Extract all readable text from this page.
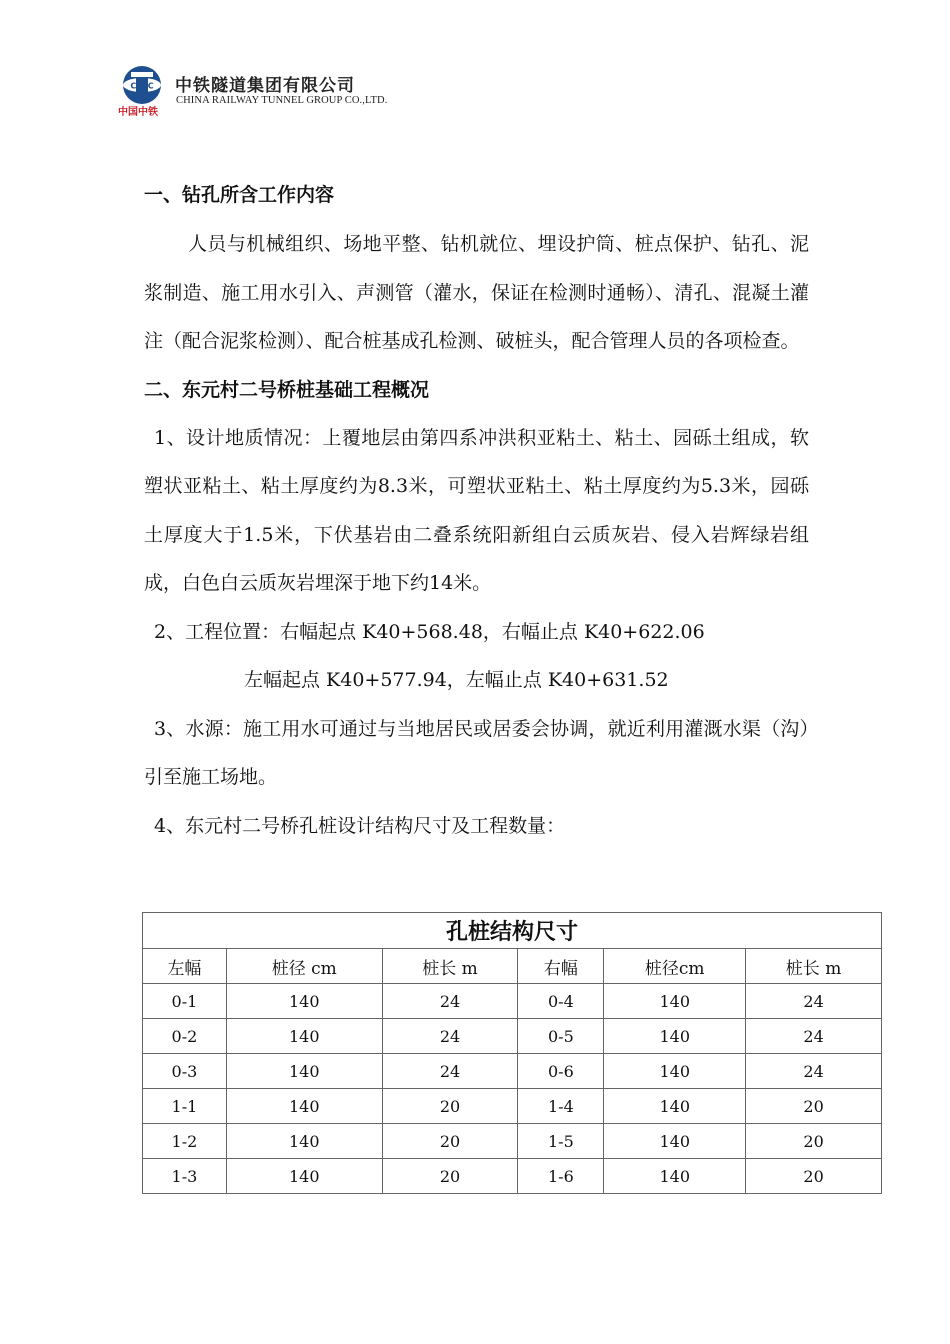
CREC
中国中铁
中铁隧道集团有限公司
CHINA RAILWAY TUNNEL GROUP CO.,LTD.
一、钻孔所含工作内容
人员与机械组织、场地平整、钻机就位、埋设护筒、桩点保护、钻孔、泥浆制造、施工用水引入、声测管（灌水，保证在检测时通畅）、清孔、混凝土灌注（配合泥浆检测）、配合桩基成孔检测、破桩头，配合管理人员的各项检查。
二、东元村二号桥桩基础工程概况
1、设计地质情况：上覆地层由第四系冲洪积亚粘土、粘土、园砾土组成，软塑状亚粘土、粘土厚度约为8.3米，可塑状亚粘土、粘土厚度约为5.3米，园砾土厚度大于1.5米，下伏基岩由二叠系统阳新组白云质灰岩、侵入岩辉绿岩组成，白色白云质灰岩埋深于地下约14米。
2、工程位置：右幅起点 K40+568.48，右幅止点 K40+622.06
左幅起点 K40+577.94，左幅止点 K40+631.52
3、水源：施工用水可通过与当地居民或居委会协调，就近利用灌溉水渠（沟）引至施工场地。
4、东元村二号桥孔桩设计结构尺寸及工程数量：
孔桩结构尺寸					
左幅	桩径 cm	桩长 m	右幅	桩径cm	桩长 m
0-1	140	24	0-4	140	24
0-2	140	24	0-5	140	24
0-3	140	24	0-6	140	24
1-1	140	20	1-4	140	20
1-2	140	20	1-5	140	20
1-3	140	20	1-6	140	20
